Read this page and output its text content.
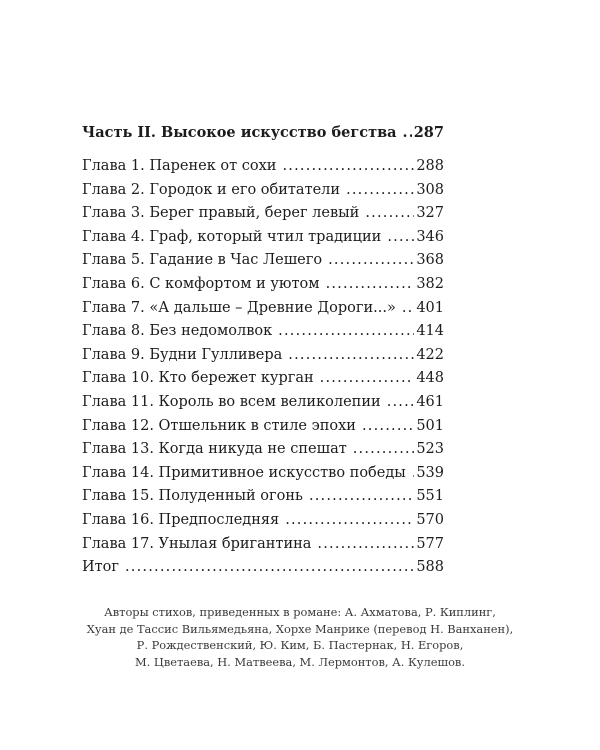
Часть II. Высокое искусство бегства ..... 287
Глава 1. Паренек от сохи .....	288
Глава 2. Городок и его обитатели .....	308
Глава 3. Берег правый, берег левый .....	327
Глава 4. Граф, который чтил традиции ..... 346
Глава 5. Гадание в Час Лешего .....	368
Глава 6. С комфортом и уютом .....	382
Глава 7. «А дальше – Древние Дороги...» ..... 401
Глава 8. Без недомолвок .....	414
Глава 9. Будни Гулливера .....	422
Глава 10. Кто бережет курган .....	448
Глава 11. Король во всем великолепии ..... 461
Глава 12. Отшельник в стиле эпохи .....	501
Глава 13. Когда никуда не спешат .....	523
Глава 14. Примитивное искусство победы ..... 539
Глава 15. Полуденный огонь .....	551
Глава 16. Предпоследняя .....	570
Глава 17. Унылая бригантина .....	577
Итог .....	588

Авторы стихов, приведенных в романе: А. Ахматова, Р. Киплинг,

Хуан де Тассис Вильямедьяна, Хорхе Манрике (перевод Н. Ванханен),

Р. Рождественский, Ю. Ким, Б. Пастернак, Н. Егоров,

М. Цветаева, Н. Матвеева, М. Лермонтов, А. Кулешов.
